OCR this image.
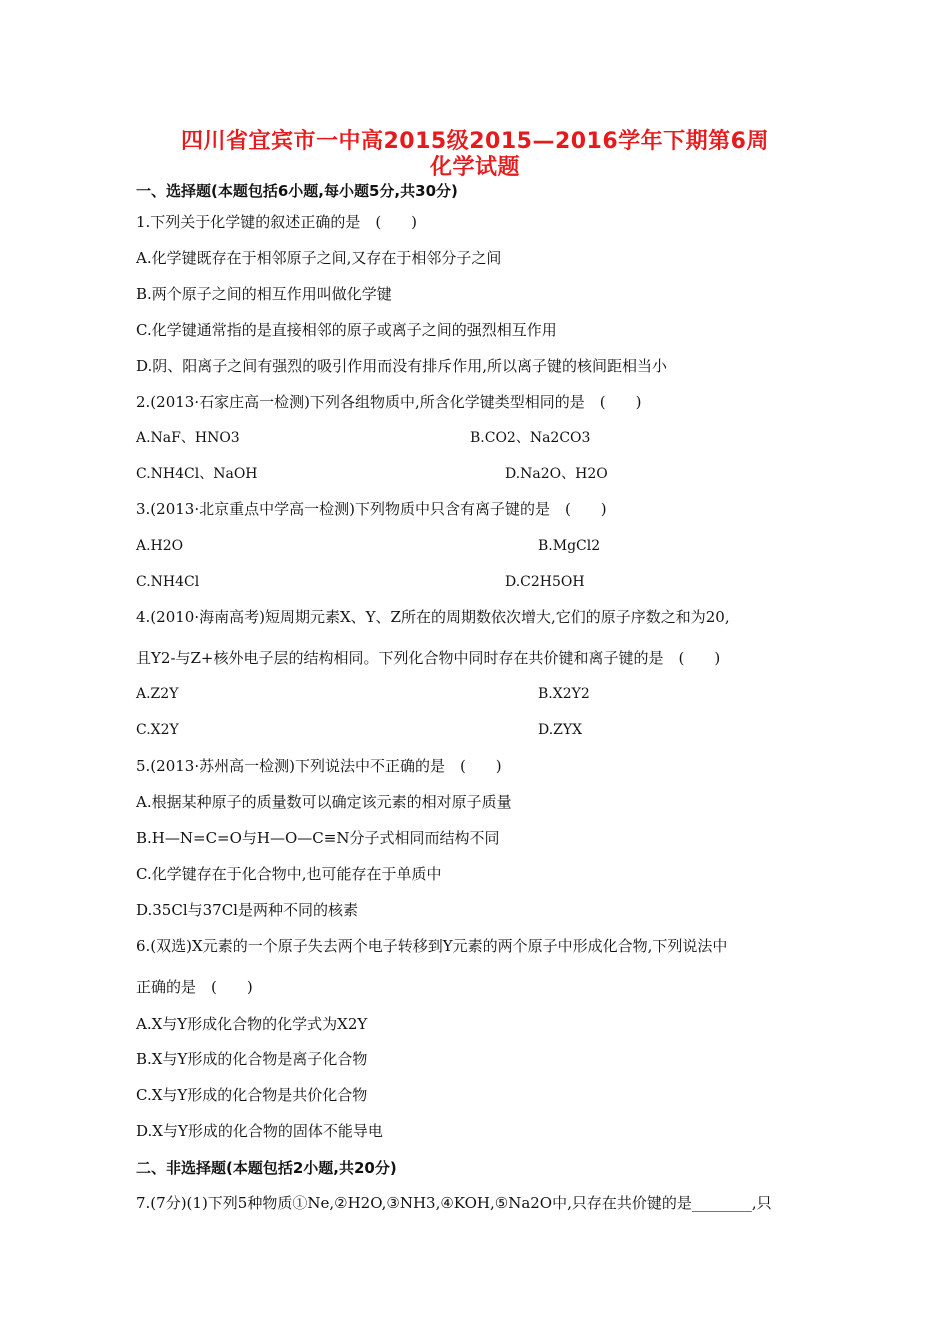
四川省宜宾市一中高2015级2015—2016学年下期第6周
化学试题
一、选择题(本题包括6小题,每小题5分,共30分)
1.下列关于化学键的叙述正确的是　(　　)
A.化学键既存在于相邻原子之间,又存在于相邻分子之间
B.两个原子之间的相互作用叫做化学键
C.化学键通常指的是直接相邻的原子或离子之间的强烈相互作用
D.阴、阳离子之间有强烈的吸引作用而没有排斥作用,所以离子键的核间距相当小
2.(2013·石家庄高一检测)下列各组物质中,所含化学键类型相同的是　(　　)
A.NaF、HNO3	B.CO2、Na2CO3
C.NH4Cl、NaOH	D.Na2O、H2O
3.(2013·北京重点中学高一检测)下列物质中只含有离子键的是　(　　)
A.H2O	B.MgCl2
C.NH4Cl	D.C2H5OH
4.(2010·海南高考)短周期元素X、Y、Z所在的周期数依次增大,它们的原子序数之和为20,
且Y2-与Z+核外电子层的结构相同。下列化合物中同时存在共价键和离子键的是　(　　)
A.Z2Y	B.X2Y2
C.X2Y	D.ZYX
5.(2013·苏州高一检测)下列说法中不正确的是　(　　)
A.根据某种原子的质量数可以确定该元素的相对原子质量
B.H—N=C=O与H—O—C≡N分子式相同而结构不同
C.化学键存在于化合物中,也可能存在于单质中
D.35Cl与37Cl是两种不同的核素
6.(双选)X元素的一个原子失去两个电子转移到Y元素的两个原子中形成化合物,下列说法中
正确的是　(　　)
A.X与Y形成化合物的化学式为X2Y
B.X与Y形成的化合物是离子化合物
C.X与Y形成的化合物是共价化合物
D.X与Y形成的化合物的固体不能导电
二、非选择题(本题包括2小题,共20分)
7.(7分)(1)下列5种物质①Ne,②H2O,③NH3,④KOH,⑤Na2O中,只存在共价键的是________,只
